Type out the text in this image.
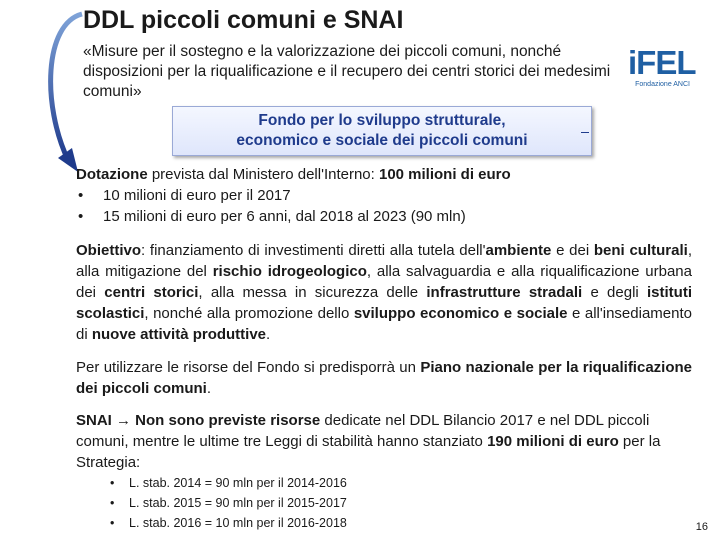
DDL piccoli comuni e SNAI
«Misure per il sostegno e la valorizzazione dei piccoli comuni, nonché disposizioni per la riqualificazione e il recupero dei centri storici dei medesimi comuni»
iFEL
Fondazione ANCI
Fondo per lo sviluppo strutturale,
economico e sociale dei piccoli comuni
Dotazione prevista dal Ministero dell'Interno: 100 milioni di euro
• 10 milioni di euro per il 2017
• 15 milioni di euro per 6 anni, dal 2018 al 2023 (90 mln)
Obiettivo: finanziamento di investimenti diretti alla tutela dell'ambiente e dei beni culturali, alla mitigazione del rischio idrogeologico, alla salvaguardia e alla riqualificazione urbana dei centri storici, alla messa in sicurezza delle infrastrutture stradali e degli istituti scolastici, nonché alla promozione dello sviluppo economico e sociale e all'insediamento di nuove attività produttive.
Per utilizzare le risorse del Fondo si predisporrà un Piano nazionale per la riqualificazione dei piccoli comuni.
SNAI → Non sono previste risorse dedicate nel DDL Bilancio 2017 e nel DDL piccoli comuni, mentre le ultime tre Leggi di stabilità hanno stanziato 190 milioni di euro per la Strategia:
• L. stab. 2014 = 90 mln per il 2014-2016
• L. stab. 2015 = 90 mln per il 2015-2017
• L. stab. 2016 = 10 mln per il 2016-2018	16
